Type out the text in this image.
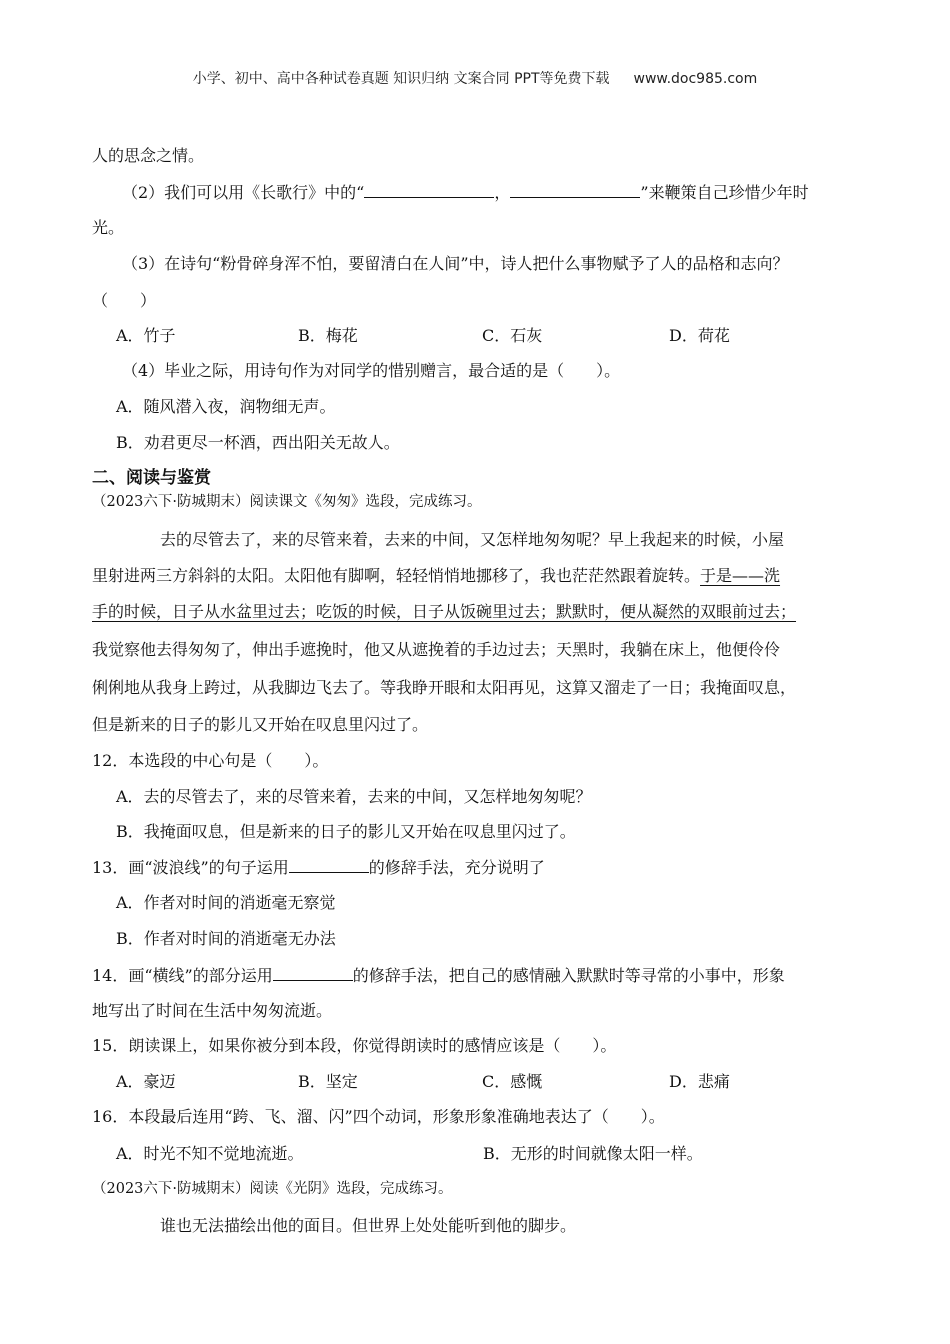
小学、初中、高中各种试卷真题 知识归纳 文案合同 PPT等免费下载 www.doc985.com
人的思念之情。
（2）我们可以用《长歌行》中的“	，	”来鞭策自己珍惜少年时
光。
（3）在诗句“粉骨碎身浑不怕，要留清白在人间”中，诗人把什么事物赋予了人的品格和志向？
（　　）
A．竹子	B．梅花	C．石灰	D．荷花
（4）毕业之际，用诗句作为对同学的惜别赠言，最合适的是（　　）。
A．随风潜入夜，润物细无声。
B．劝君更尽一杯酒，西出阳关无故人。
二、阅读与鉴赏
（2023六下·防城期末）阅读课文《匆匆》选段，完成练习。
去的尽管去了，来的尽管来着，去来的中间，又怎样地匆匆呢？早上我起来的时候，小屋
里射进两三方斜斜的太阳。太阳他有脚啊，轻轻悄悄地挪移了，我也茫茫然跟着旋转。于是——洗
手的时候，日子从水盆里过去；吃饭的时候，日子从饭碗里过去；默默时，便从凝然的双眼前过去；
我觉察他去得匆匆了，伸出手遮挽时，他又从遮挽着的手边过去；天黑时，我躺在床上，他便伶伶
俐俐地从我身上跨过，从我脚边飞去了。等我睁开眼和太阳再见，这算又溜走了一日；我掩面叹息，
但是新来的日子的影儿又开始在叹息里闪过了。
12．本选段的中心句是（　　）。
A．去的尽管去了，来的尽管来着，去来的中间，又怎样地匆匆呢？
B．我掩面叹息，但是新来的日子的影儿又开始在叹息里闪过了。
13．画“波浪线”的句子运用	的修辞手法，充分说明了
A．作者对时间的消逝毫无察觉
B．作者对时间的消逝毫无办法
14．画“横线”的部分运用	的修辞手法，把自己的感情融入默默时等寻常的小事中，形象
地写出了时间在生活中匆匆流逝。
15．朗读课上，如果你被分到本段，你觉得朗读时的感情应该是（　　）。
A．豪迈	B．坚定	C．感慨	D．悲痛
16．本段最后连用“跨、飞、溜、闪”四个动词，形象形象准确地表达了（　　）。
A．时光不知不觉地流逝。	B．无形的时间就像太阳一样。
（2023六下·防城期末）阅读《光阴》选段，完成练习。
谁也无法描绘出他的面目。但世界上处处能听到他的脚步。
